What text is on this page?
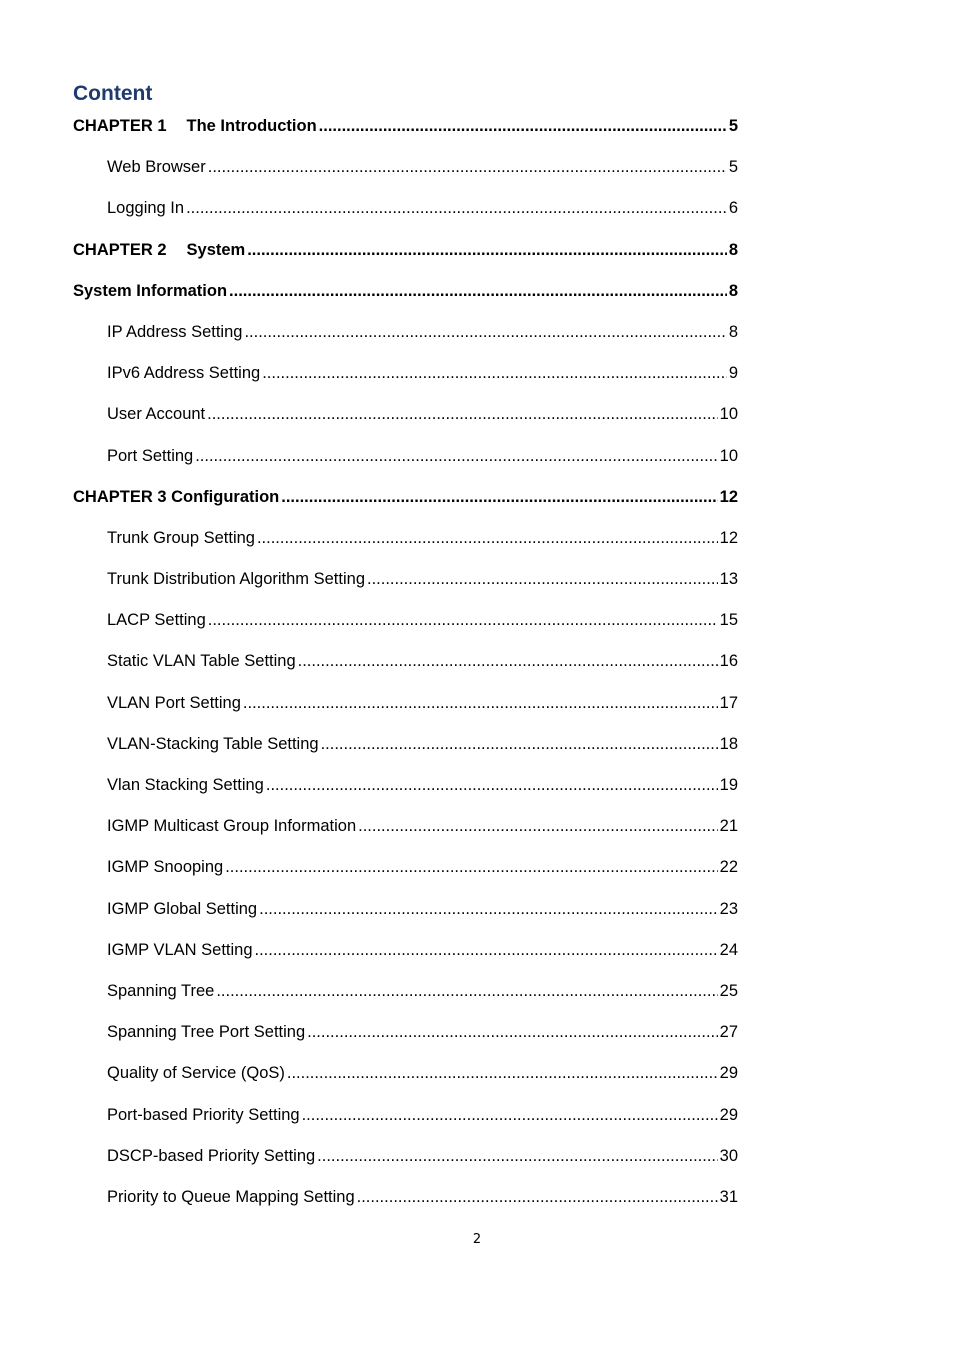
Content
CHAPTER 1 The Introduction .....	5
Web Browser .....	5
Logging In .....	6
CHAPTER 2 System .....	8
System Information .....	8
IP Address Setting .....	8
IPv6 Address Setting .....	9
User Account .....	10
Port Setting .....	10
CHAPTER 3 Configuration .....	12
Trunk Group Setting .....	12
Trunk Distribution Algorithm Setting .....	13
LACP Setting .....	15
Static VLAN Table Setting .....	16
VLAN Port Setting .....	17
VLAN-Stacking Table Setting .....	18
Vlan Stacking Setting .....	19
IGMP Multicast Group Information .....	21
IGMP Snooping .....	22
IGMP Global Setting .....	23
IGMP VLAN Setting .....	24
Spanning Tree .....	25
Spanning Tree Port Setting .....	27
Quality of Service (QoS) .....	29
Port-based Priority Setting .....	29
DSCP-based Priority Setting .....	30
Priority to Queue Mapping Setting .....	31
2
